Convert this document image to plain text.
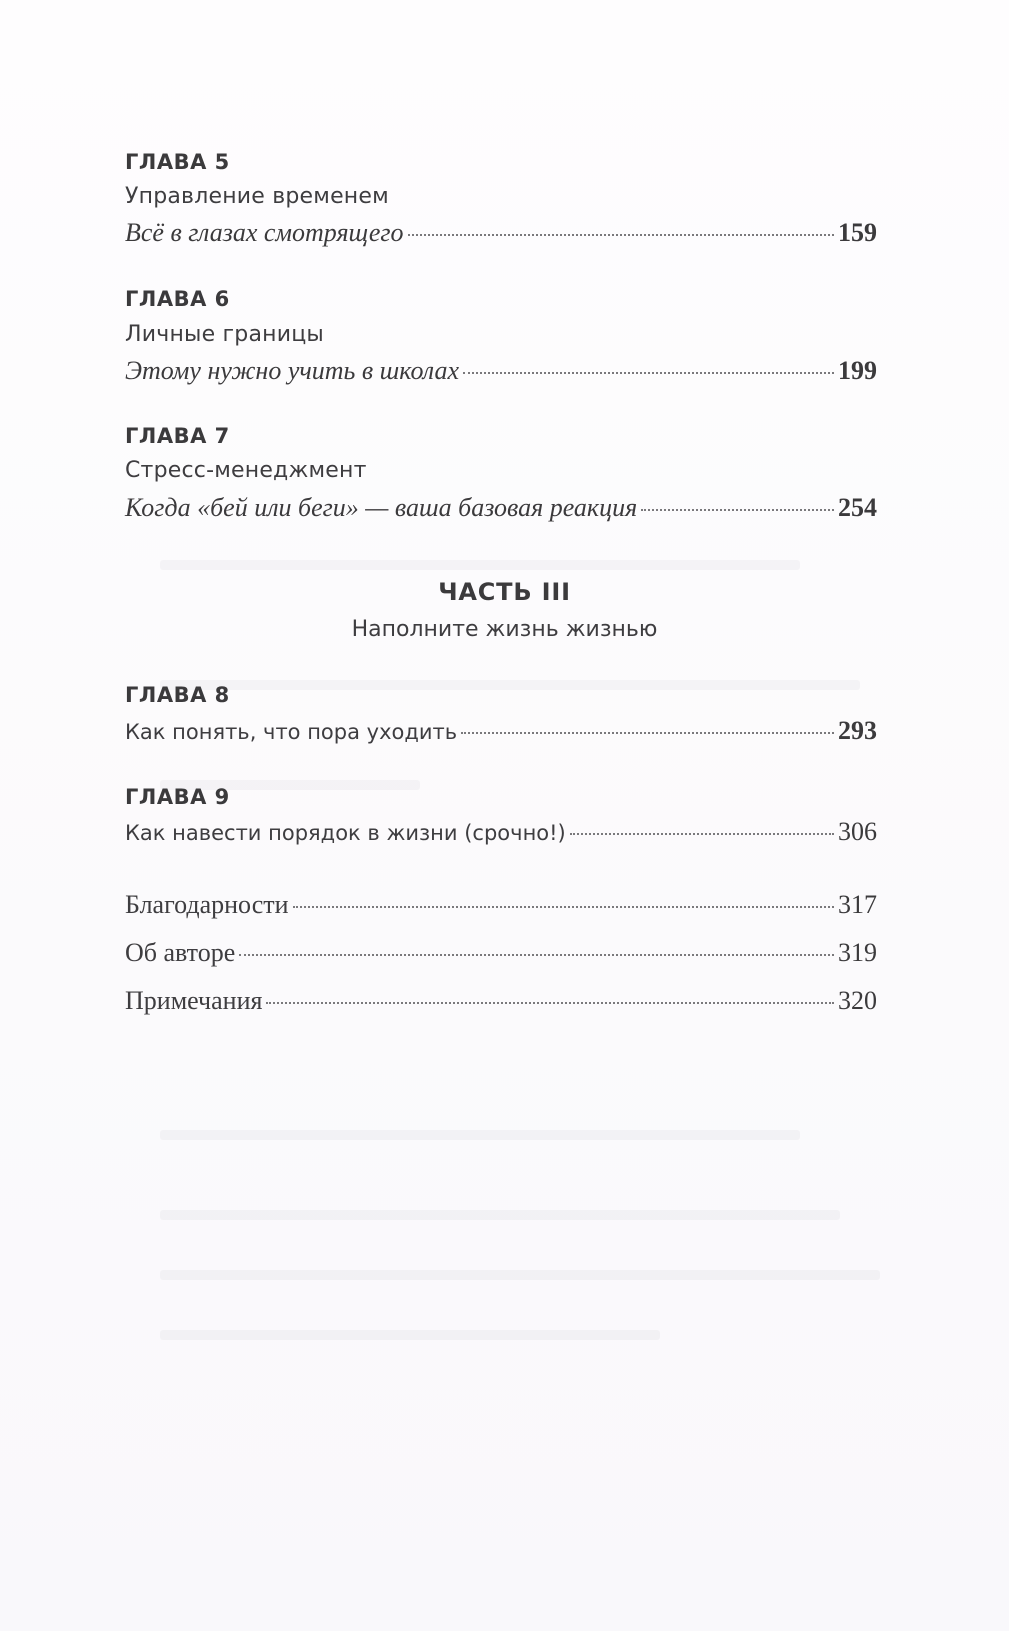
ГЛАВА 5
Управление временем
Всё в глазах смотрящего	159
ГЛАВА 6
Личные границы
Этому нужно учить в школах	199
ГЛАВА 7
Стресс-менеджмент
Когда «бей или беги» — ваша базовая реакция	254
ГЛАВА 8
Как понять, что пора уходить	293
ГЛАВА 9
Как навести порядок в жизни (срочно!)	306
Благодарности	317
Об авторе	319
Примечания	320
ЧАСТЬ III
Наполните жизнь жизнью
